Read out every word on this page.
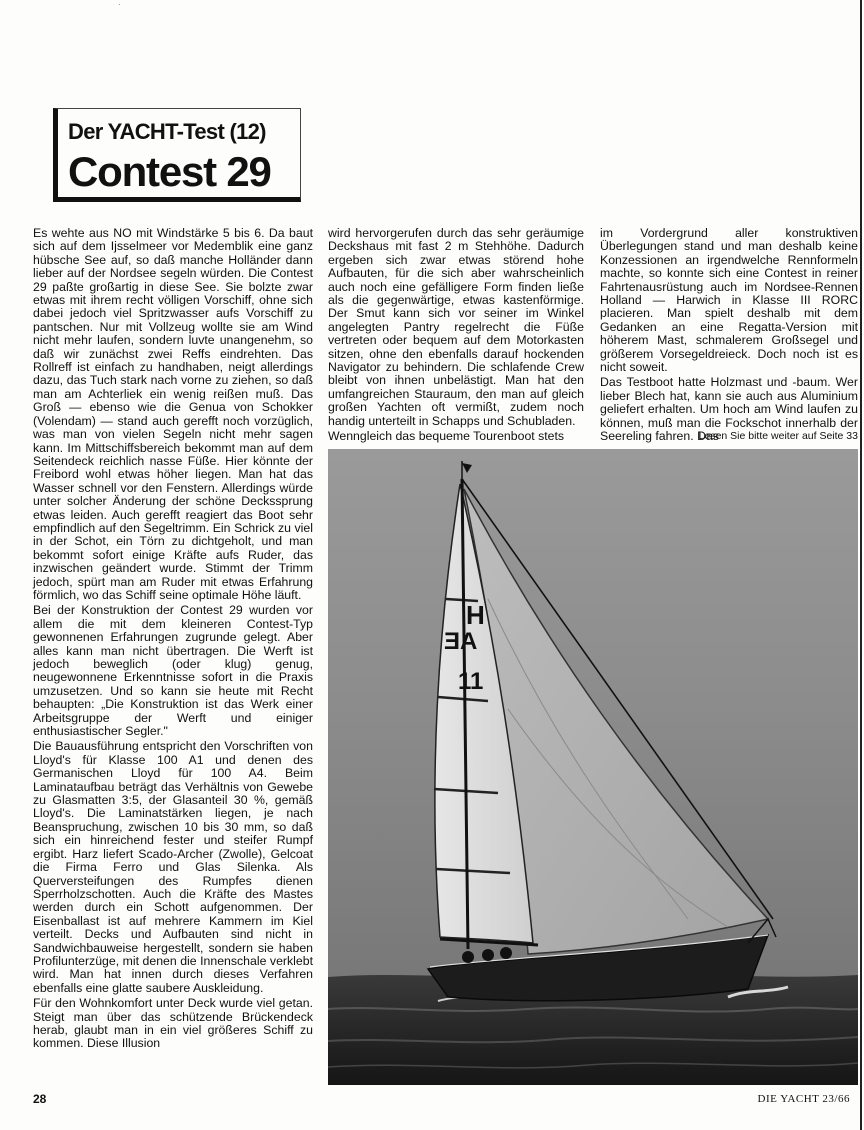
·
Der YACHT-Test (12)
Contest 29

Es wehte aus NO mit Windstärke 5 bis 6. Da baut sich auf dem Ijsselmeer vor Medemblik eine ganz hübsche See auf, so daß manche Holländer dann lieber auf der Nordsee segeln würden. Die Contest 29 paßte großartig in diese See. Sie bolzte zwar etwas mit ihrem recht völligen Vorschiff, ohne sich dabei jedoch viel Spritzwasser aufs Vorschiff zu pantschen. Nur mit Vollzeug wollte sie am Wind nicht mehr laufen, sondern luvte unangenehm, so daß wir zunächst zwei Reffs eindrehten. Das Rollreff ist einfach zu handhaben, neigt allerdings dazu, das Tuch stark nach vorne zu ziehen, so daß man am Achterliek ein wenig reißen muß. Das Groß — ebenso wie die Genua von Schokker (Volendam) — stand auch gerefft noch vorzüglich, was man von vielen Segeln nicht mehr sagen kann. Im Mittschiffsbereich bekommt man auf dem Seitendeck reichlich nasse Füße. Hier könnte der Freibord wohl etwas höher liegen. Man hat das Wasser schnell vor den Fenstern. Allerdings würde unter solcher Änderung der schöne Deckssprung etwas leiden. Auch gerefft reagiert das Boot sehr empfindlich auf den Segeltrimm. Ein Schrick zu viel in der Schot, ein Törn zu dichtgeholt, und man bekommt sofort einige Kräfte aufs Ruder, das inzwischen geändert wurde. Stimmt der Trimm jedoch, spürt man am Ruder mit etwas Erfahrung förmlich, wo das Schiff seine optimale Höhe läuft.

Bei der Konstruktion der Contest 29 wurden vor allem die mit dem kleineren Contest-Typ gewonnenen Erfahrungen zugrunde gelegt. Aber alles kann man nicht übertragen. Die Werft ist jedoch beweglich (oder klug) genug, neugewonnene Erkenntnisse sofort in die Praxis umzusetzen. Und so kann sie heute mit Recht behaupten: „Die Konstruktion ist das Werk einer Arbeitsgruppe der Werft und einiger enthusiastischer Segler."

Die Bauausführung entspricht den Vorschriften von Lloyd's für Klasse 100 A1 und denen des Germanischen Lloyd für 100 A4. Beim Laminataufbau beträgt das Verhältnis von Gewebe zu Glasmatten 3:5, der Glasanteil 30 %, gemäß Lloyd's. Die Laminatstärken liegen, je nach Beanspruchung, zwischen 10 bis 30 mm, so daß sich ein hinreichend fester und steifer Rumpf ergibt. Harz liefert Scado-Archer (Zwolle), Gelcoat die Firma Ferro und Glas Silenka. Als Querversteifungen des Rumpfes dienen Sperrholzschotten. Auch die Kräfte des Mastes werden durch ein Schott aufgenommen. Der Eisenballast ist auf mehrere Kammern im Kiel verteilt. Decks und Aufbauten sind nicht in Sandwichbauweise hergestellt, sondern sie haben Profilunterzüge, mit denen die Innenschale verklebt wird. Man hat innen durch dieses Verfahren ebenfalls eine glatte saubere Auskleidung.

Für den Wohnkomfort unter Deck wurde viel getan. Steigt man über das schützende Brückendeck herab, glaubt man in ein viel größeres Schiff zu kommen. Diese Illusion

wird hervorgerufen durch das sehr geräumige Deckshaus mit fast 2 m Stehhöhe. Dadurch ergeben sich zwar etwas störend hohe Aufbauten, für die sich aber wahrscheinlich auch noch eine gefälligere Form finden ließe als die gegenwärtige, etwas kastenförmige. Der Smut kann sich vor seiner im Winkel angelegten Pantry regelrecht die Füße vertreten oder bequem auf dem Motorkasten sitzen, ohne den ebenfalls darauf hockenden Navigator zu behindern. Die schlafende Crew bleibt von ihnen unbelästigt. Man hat den umfangreichen Stauraum, den man auf gleich großen Yachten oft vermißt, zudem noch handig unterteilt in Schapps und Schubladen.

Wenngleich das bequeme Tourenboot stets

im Vordergrund aller konstruktiven Überlegungen stand und man deshalb keine Konzessionen an irgendwelche Rennformeln machte, so konnte sich eine Contest in reiner Fahrtenausrüstung auch im Nordsee-Rennen Holland — Harwich in Klasse III RORC placieren. Man spielt deshalb mit dem Gedanken an eine Regatta-Version mit höherem Mast, schmalerem Großsegel und größerem Vorsegeldreieck. Doch noch ist es nicht soweit.

Das Testboot hatte Holzmast und -baum. Wer lieber Blech hat, kann sie auch aus Aluminium geliefert erhalten. Um hoch am Wind laufen zu können, muß man die Fockschot innerhalb der Seereling fahren. Das

Lesen Sie bitte weiter auf Seite 33
H
ƎA
11
28	DIE YACHT 23/66
